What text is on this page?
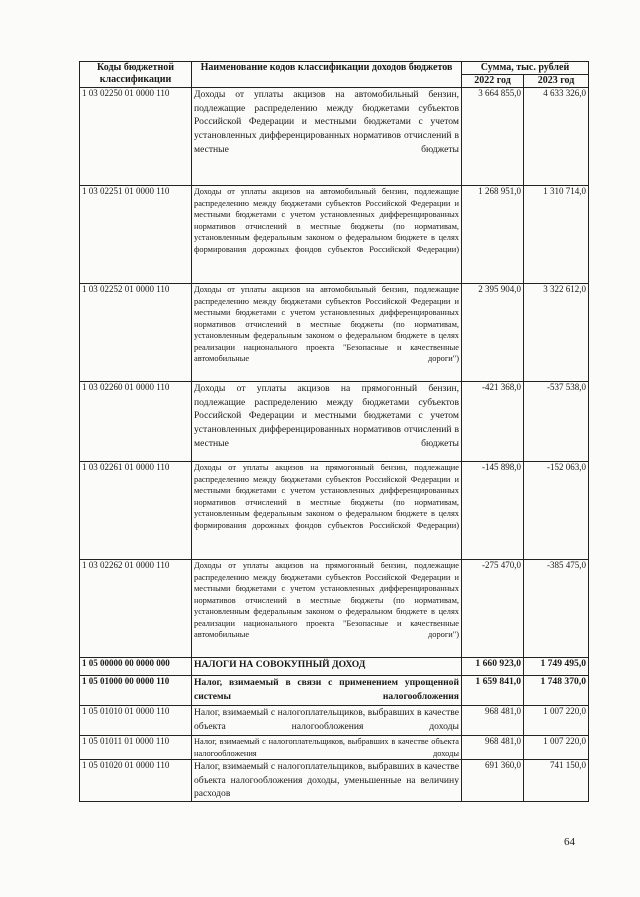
Коды бюджетной классификации	Наименование кодов классификации доходов бюджетов	Сумма, тыс. рублей	
		2022 год	2023 год
1 03 02250 01 0000 110	Доходы от уплаты акцизов на автомобильный бензин, подлежащие распределению между бюджетами субъектов Российской Федерации и местными бюджетами с учетом установленных дифференцированных нормативов отчислений в местные бюджеты	3 664 855,0	4 633 326,0
1 03 02251 01 0000 110	Доходы от уплаты акцизов на автомобильный бензин, подлежащие распределению между бюджетами субъектов Российской Федерации и местными бюджетами с учетом установленных дифференцированных нормативов отчислений в местные бюджеты (по нормативам, установленным федеральным законом о федеральном бюджете в целях формирования дорожных фондов субъектов Российской Федерации)	1 268 951,0	1 310 714,0
1 03 02252 01 0000 110	Доходы от уплаты акцизов на автомобильный бензин, подлежащие распределению между бюджетами субъектов Российской Федерации и местными бюджетами с учетом установленных дифференцированных нормативов отчислений в местные бюджеты (по нормативам, установленным федеральным законом о федеральном бюджете в целях реализации национального проекта "Безопасные и качественные автомобильные дороги")	2 395 904,0	3 322 612,0
1 03 02260 01 0000 110	Доходы от уплаты акцизов на прямогонный бензин, подлежащие распределению между бюджетами субъектов Российской Федерации и местными бюджетами с учетом установленных дифференцированных нормативов отчислений в местные бюджеты	-421 368,0	-537 538,0
1 03 02261 01 0000 110	Доходы от уплаты акцизов на прямогонный бензин, подлежащие распределению между бюджетами субъектов Российской Федерации и местными бюджетами с учетом установленных дифференцированных нормативов отчислений в местные бюджеты (по нормативам, установленным федеральным законом о федеральном бюджете в целях формирования дорожных фондов субъектов Российской Федерации)	-145 898,0	-152 063,0
1 03 02262 01 0000 110	Доходы от уплаты акцизов на прямогонный бензин, подлежащие распределению между бюджетами субъектов Российской Федерации и местными бюджетами с учетом установленных дифференцированных нормативов отчислений в местные бюджеты (по нормативам, установленным федеральным законом о федеральном бюджете в целях реализации национального проекта "Безопасные и качественные автомобильные дороги")	-275 470,0	-385 475,0
1 05 00000 00 0000 000	НАЛОГИ НА СОВОКУПНЫЙ ДОХОД	1 660 923,0	1 749 495,0
1 05 01000 00 0000 110	Налог, взимаемый в связи с применением упрощенной системы налогообложения	1 659 841,0	1 748 370,0
1 05 01010 01 0000 110	Налог, взимаемый с налогоплательщиков, выбравших в качестве объекта налогообложения доходы	968 481,0	1 007 220,0
1 05 01011 01 0000 110	Налог, взимаемый с налогоплательщиков, выбравших в качестве объекта налогообложения доходы	968 481,0	1 007 220,0
1 05 01020 01 0000 110	Налог, взимаемый с налогоплательщиков, выбравших в качестве объекта налогообложения доходы, уменьшенные на величину расходов	691 360,0	741 150,0
64
